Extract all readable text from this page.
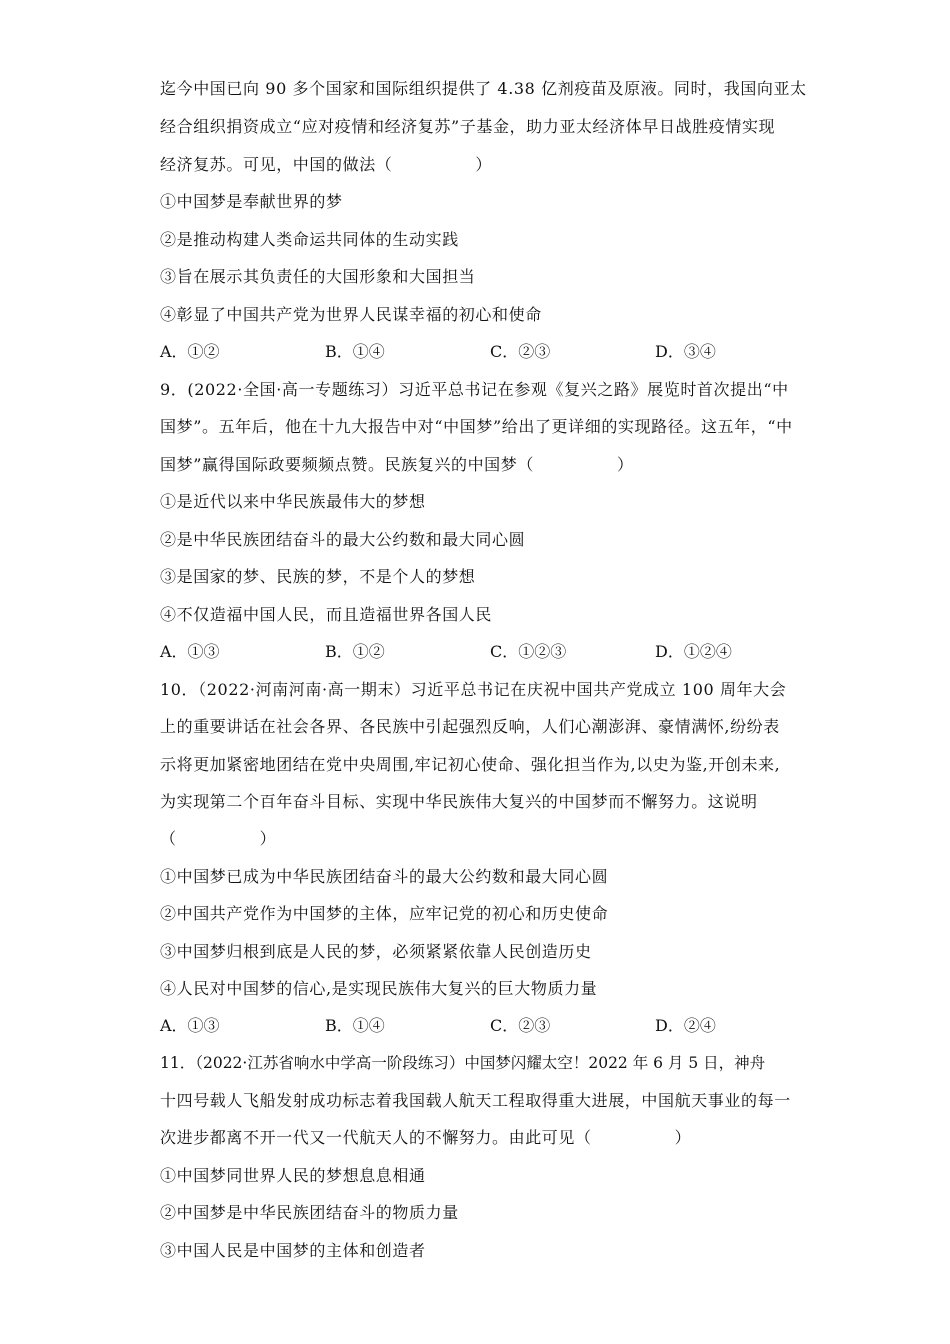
迄今中国已向 90 多个国家和国际组织提供了 4.38 亿剂疫苗及原液。同时，我国向亚太
经合组织捐资成立“应对疫情和经济复苏”子基金，助力亚太经济体早日战胜疫情实现
经济复苏。可见，中国的做法（　　　　　）
①中国梦是奉献世界的梦
②是推动构建人类命运共同体的生动实践
③旨在展示其负责任的大国形象和大国担当
④彰显了中国共产党为世界人民谋幸福的初心和使命
A．①②	B．①④	C．②③	D．③④
9．(2022·全国·高一专题练习）习近平总书记在参观《复兴之路》展览时首次提出“中
国梦”。五年后，他在十九大报告中对“中国梦”给出了更详细的实现路径。这五年，“中
国梦”赢得国际政要频频点赞。民族复兴的中国梦（　　　　　）
①是近代以来中华民族最伟大的梦想
②是中华民族团结奋斗的最大公约数和最大同心圆
③是国家的梦、民族的梦，不是个人的梦想
④不仅造福中国人民，而且造福世界各国人民
A．①③	B．①②	C．①②③	D．①②④
10．（2022·河南河南·高一期末）习近平总书记在庆祝中国共产党成立 100 周年大会
上的重要讲话在社会各界、各民族中引起强烈反响，人们心潮澎湃、豪情满怀,纷纷表
示将更加紧密地团结在党中央周围,牢记初心使命、强化担当作为,以史为鉴,开创未来,
为实现第二个百年奋斗目标、实现中华民族伟大复兴的中国梦而不懈努力。这说明
（　　　　　）
①中国梦已成为中华民族团结奋斗的最大公约数和最大同心圆
②中国共产党作为中国梦的主体，应牢记党的初心和历史使命
③中国梦归根到底是人民的梦，必须紧紧依靠人民创造历史
④人民对中国梦的信心,是实现民族伟大复兴的巨大物质力量
A．①③	B．①④	C．②③	D．②④
11．（2022·江苏省响水中学高一阶段练习）中国梦闪耀太空！2022 年 6 月 5 日，神舟
十四号载人飞船发射成功标志着我国载人航天工程取得重大进展，中国航天事业的每一
次进步都离不开一代又一代航天人的不懈努力。由此可见（　　　　　）
①中国梦同世界人民的梦想息息相通
②中国梦是中华民族团结奋斗的物质力量
③中国人民是中国梦的主体和创造者
